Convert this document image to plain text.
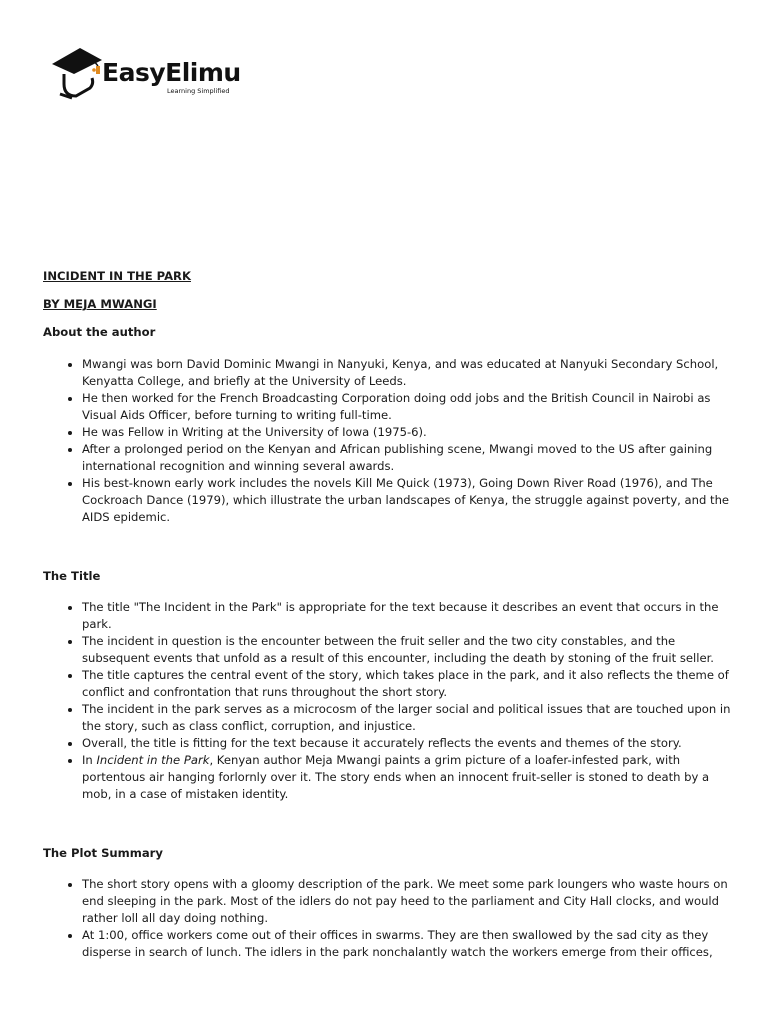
EasyElimu
Learning Simplified

INCIDENT IN THE PARK

BY MEJA MWANGI

About the author

• Mwangi was born David Dominic Mwangi in Nanyuki, Kenya, and was educated at Nanyuki Secondary School, Kenyatta College, and briefly at the University of Leeds.
• He then worked for the French Broadcasting Corporation doing odd jobs and the British Council in Nairobi as Visual Aids Officer, before turning to writing full-time.
• He was Fellow in Writing at the University of Iowa (1975-6).
• After a prolonged period on the Kenyan and African publishing scene, Mwangi moved to the US after gaining international recognition and winning several awards.
• His best-known early work includes the novels Kill Me Quick (1973), Going Down River Road (1976), and The Cockroach Dance (1979), which illustrate the urban landscapes of Kenya, the struggle against poverty, and the AIDS epidemic.

The Title

• The title "The Incident in the Park" is appropriate for the text because it describes an event that occurs in the park.
• The incident in question is the encounter between the fruit seller and the two city constables, and the subsequent events that unfold as a result of this encounter, including the death by stoning of the fruit seller.
• The title captures the central event of the story, which takes place in the park, and it also reflects the theme of conflict and confrontation that runs throughout the short story.
• The incident in the park serves as a microcosm of the larger social and political issues that are touched upon in the story, such as class conflict, corruption, and injustice.
• Overall, the title is fitting for the text because it accurately reflects the events and themes of the story.
• In Incident in the Park, Kenyan author Meja Mwangi paints a grim picture of a loafer-infested park, with portentous air hanging forlornly over it. The story ends when an innocent fruit-seller is stoned to death by a mob, in a case of mistaken identity.

The Plot Summary

• The short story opens with a gloomy description of the park. We meet some park loungers who waste hours on end sleeping in the park. Most of the idlers do not pay heed to the parliament and City Hall clocks, and would rather loll all day doing nothing.
• At 1:00, office workers come out of their offices in swarms. They are then swallowed by the sad city as they disperse in search of lunch. The idlers in the park nonchalantly watch the workers emerge from their offices,
